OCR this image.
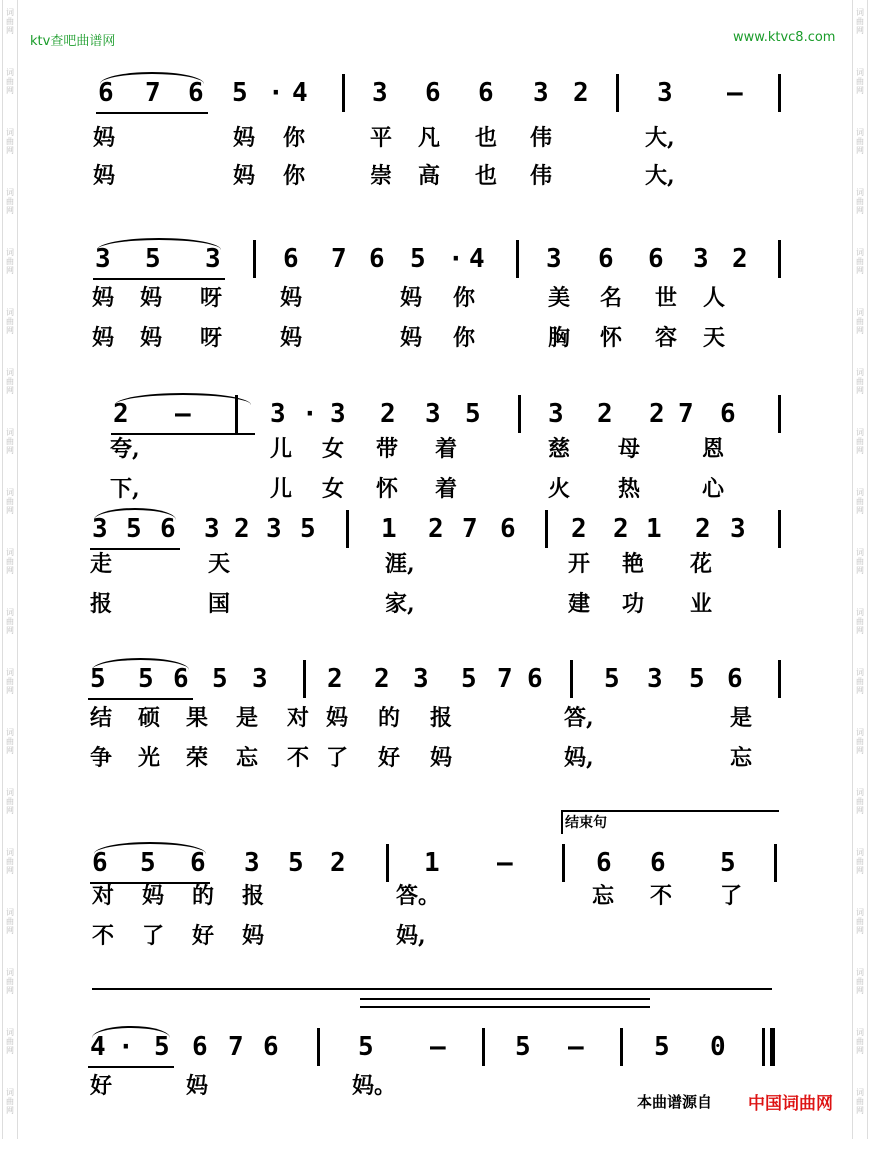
词
曲
网
词
曲
网
词
曲
网
词
曲
网
词
曲
网
词
曲
网
词
曲
网
词
曲
网
词
曲
网
词
曲
网
词
曲
网
词
曲
网
词
曲
网
词
曲
网
词
曲
网
词
曲
网
词
曲
网
词
曲
网
词
曲
网
词
曲
网
词
曲
网
词
曲
网
词
曲
网
词
曲
网
词
曲
网
词
曲
网
词
曲
网
词
曲
网
词
曲
网
词
曲
网
词
曲
网
词
曲
网
词
曲
网
词
曲
网
词
曲
网
词
曲
网
词
曲
网
词
曲
网
ktv查吧曲谱网	www.ktvc8.com
6 7 6 5 · 4 3 6 6 3 2	3 —
妈	妈 你	平 凡 也 伟	大,
妈	妈 你	崇 高 也 伟	大,
3 5 3 6 7 6 5 · 4 3 6 6 3 2
妈 妈 呀	妈	妈 你	美 名 世 人
妈 妈 呀	妈	妈 你	胸 怀 容 天
2 —	3 · 3 2 3 5	3 2 2 7 6
夸,	儿 女 带 着	慈 母	恩
下,	儿 女 怀 着	火 热	心
3 5 6 3 2 3 5	1 2 7 6 2 2 1 2 3
走	天	涯,	开 艳 花
报	国	家,	建 功 业
5 5 6 5 3 2 2 3 5 7 6 5 3 5 6
结 硕 果 是 对 妈 的 报	答,	是
争 光 荣 忘 不 了 好 妈	妈,	忘
6 5 6 3 5 2	1 —	6 6 5
对 妈 的 报	答。	忘 不 了
不 了 好 妈	妈,
4 · 5 6 7 6	5 —	5 —	5 0
好	妈	妈。
结束句
本曲谱源自 中国词曲网
